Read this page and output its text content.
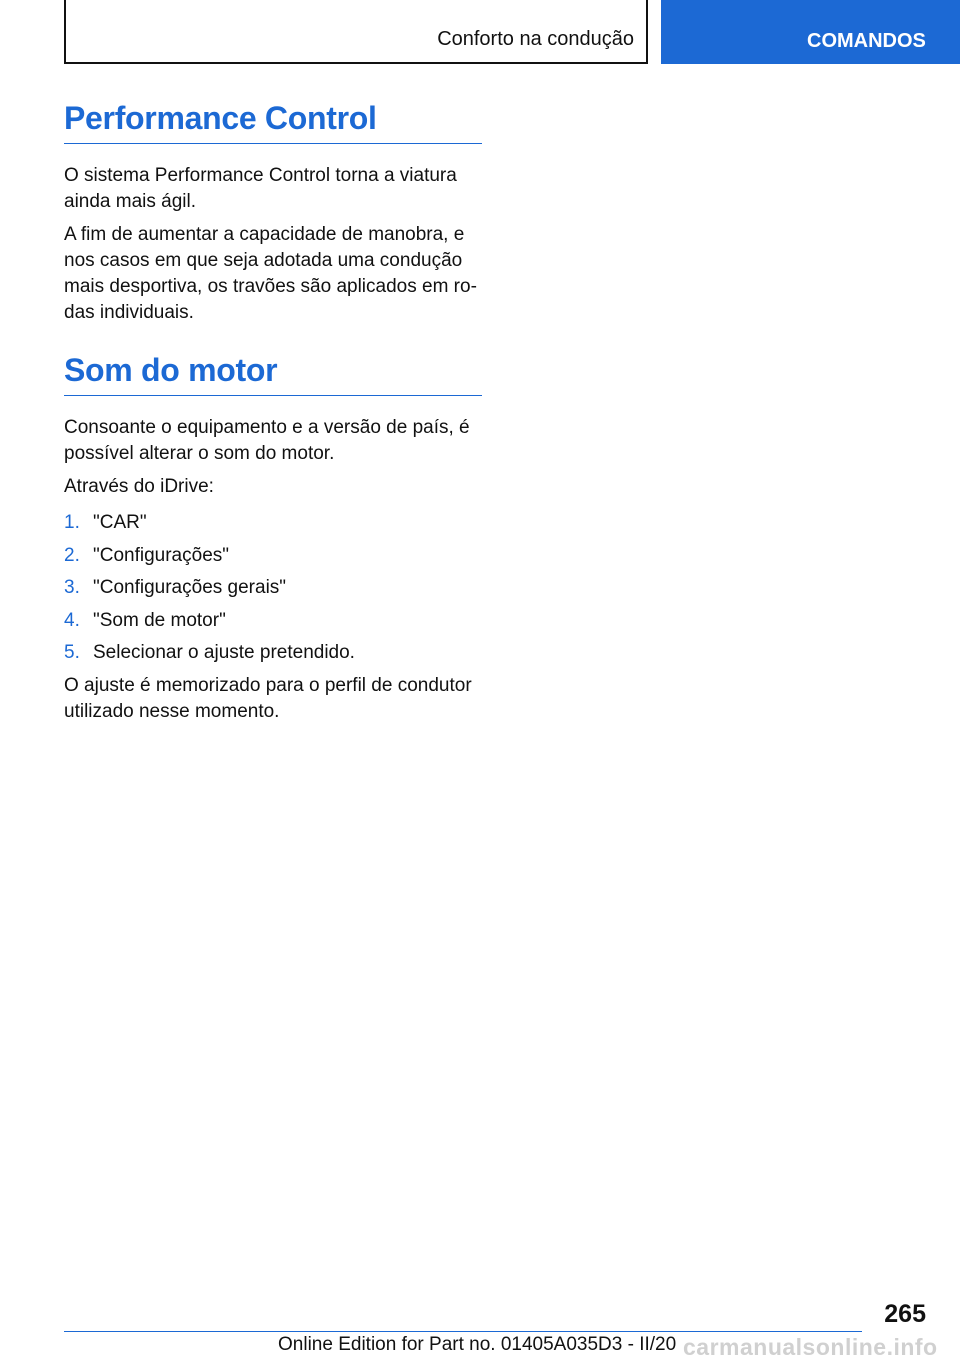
Conforto na condução	COMANDOS
Performance Control

O sistema Performance Control torna a viatura ainda mais ágil.

A fim de aumentar a capacidade de manobra, e nos casos em que seja adotada uma condução mais desportiva, os travões são aplicados em ro-das individuais.

Som do motor

Consoante o equipamento e a versão de país, é possível alterar o som do motor.

Através do iDrive:

1. "CAR"
2. "Configurações"
3. "Configurações gerais"
4. "Som de motor"
5. Selecionar o ajuste pretendido.

O ajuste é memorizado para o perfil de condutor utilizado nesse momento.

265
Online Edition for Part no. 01405A035D3 - II/20 carmanualsonline.info
